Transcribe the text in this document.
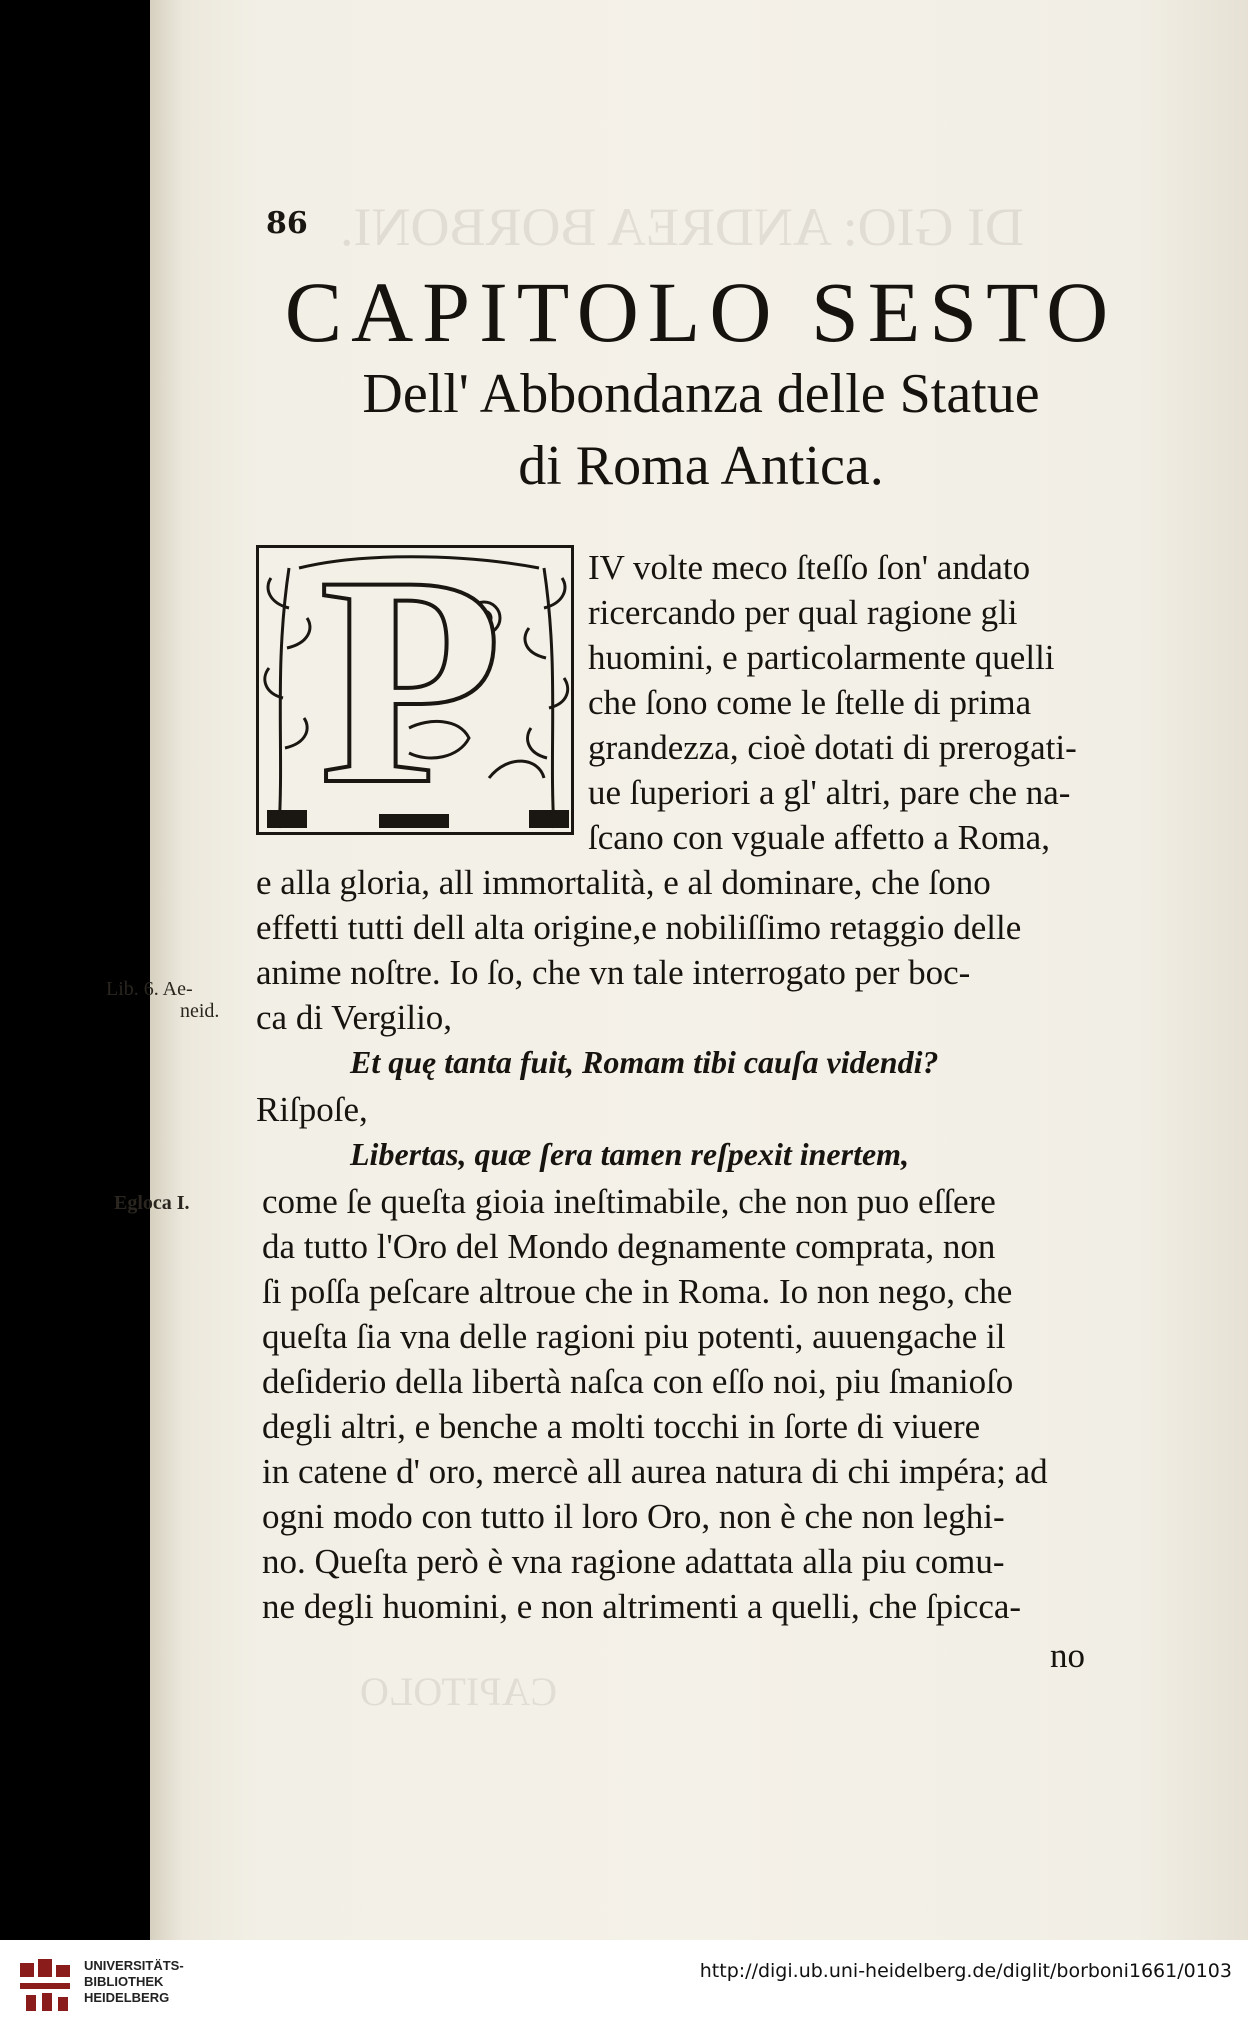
DI GIO: ANDREA BORBONI.
CAPITOLO
86
CAPITOLO SESTO
Dell' Abbondanza delle Statue
di Roma Antica.
P IV volte meco ſteſſo ſon' andato
ricercando per qual ragione gli
huomini, e particolarmente quelli
che ſono come le ſtelle di prima
grandezza, cioè dotati di prerogati-
ue ſuperiori a gl' altri, pare che na-
ſcano con vguale affetto a Roma,
e alla gloria, all immortalità, e al dominare, che ſono
effetti tutti dell alta origine,e nobiliſſimo retaggio delle
anime noſtre. Io ſo, che vn tale interrogato per boc-
ca di Vergilio,
Et quę tanta fuit, Romam tibi cauſa videndi?
Riſpoſe,
Libertas, quæ ſera tamen reſpexit inertem,
come ſe queſta gioia ineſtimabile, che non puo eſſere
da tutto l'Oro del Mondo degnamente comprata, non
ſi poſſa peſcare altroue che in Roma. Io non nego, che
queſta ſia vna delle ragioni piu potenti, auuengache il
deſiderio della libertà naſca con eſſo noi, piu ſmanioſo
degli altri, e benche a molti tocchi in ſorte di viuere
in catene d' oro, mercè all aurea natura di chi impéra; ad
ogni modo con tutto il loro Oro, non è che non leghi-
no. Queſta però è vna ragione adattata alla piu comu-
ne degli huomini, e non altrimenti a quelli, che ſpicca-
no
Lib. 6. Ae-
neid.
Egloca I.
UNIVERSITÄTS-
BIBLIOTHEK
HEIDELBERG
http://digi.ub.uni-heidelberg.de/diglit/borboni1661/0103
